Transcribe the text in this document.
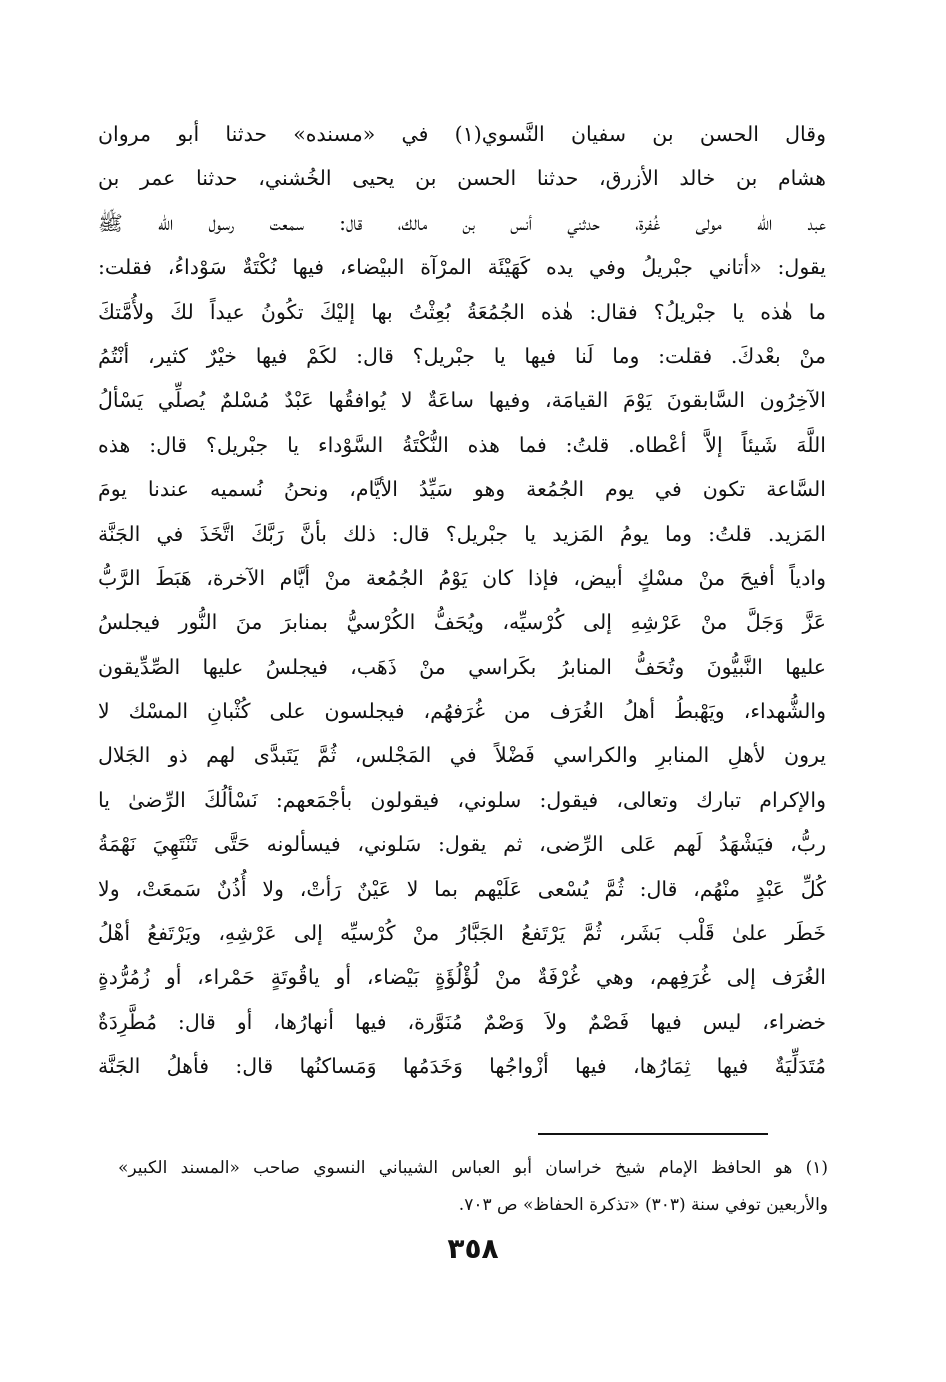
وقال الحسن بن سفيان النَّسوي(١) في «مسنده» حدثنا أبو مروان
هشام بن خالد الأزرق، حدثنا الحسن بن يحيى الخُشني، حدثنا عمر بن
عبد الله مولى غُفرة، حدثني أنس بن مالك، قال: سمعت رسول الله ﷺ
يقول: «أتاني جبْريلُ وفي يده كَهَيْئَة المرْآة البيْضاء، فيها نُكْتَةٌ سَوْداءُ، فقلت:
ما هٰذه يا جبْريلُ؟ فقال: هٰذه الجُمُعَةُ بُعِثْتُ بها إليْكَ تكُونُ عيداً لكَ ولأُمَّتكَ
منْ بعْدكَ. فقلت: وما لَنا فيها يا جبْريل؟ قال: لكَمْ فيها خيْرٌ كثير، أنْتُمُ
الآخِرُون السَّابقونَ يَوْمَ القيامَة، وفيها ساعَةٌ لا يُوافقُها عَبْدٌ مُسْلمٌ يُصلِّي يَسْألُ
اللَّهَ شَيئاً إلاَّ أعْطاه. قلتُ: فما هذه النُّكْتَةُ السَّوْداء يا جبْريل؟ قال: هذه
السَّاعة تكون في يوم الجُمُعة وهو سَيِّدُ الأيَّام، ونحنُ نُسميه عندنا يومَ
المَزيد. قلتُ: وما يومُ المَزيد يا جبْريل؟ قال: ذلك بأنَّ رَبَّكَ اتَّخَذَ في الجَنَّة
وادياً أفيحَ منْ مسْكٍ أبيض، فإذا كان يَوْمُ الجُمُعة منْ أيَّام الآخرة، هَبَطَ الرَّبُّ
عَزَّ وَجَلَّ منْ عَرْشِهِ إلى كُرْسيِّه، ويُحَفُّ الكُرْسيُّ بمنابرَ منَ النُّور فيجلسُ
عليها النَّبيُّونَ وتُحَفُّ المنابرُ بكَراسي منْ ذَهَب، فيجلسُ عليها الصِّدِّيقون
والشُّهداء، ويَهْبطُ أهلُ الغُرَف من غُرَفهُم، فيجلسون على كُثْبانِ المسْك لا
يرون لأهلِ المنابرِ والكراسي فَضْلاً في المَجْلس، ثُمَّ يَتَبدَّى لهم ذو الجَلال
والإكرام تبارك وتعالى، فيقول: سلوني، فيقولون بأجْمَعهم: نَسْألُكَ الرِّضىٰ يا
ربُّ، فيَشْهَدُ لَهم عَلى الرِّضى، ثم يقول: سَلوني، فيسألونه حَتَّى تَنْتَهِيَ نَهْمَةُ
كُلِّ عَبْدٍ منْهُم، قال: ثُمَّ يُسْعى عَلَيْهم بما لا عَيْنٌ رَأتْ، ولا أُذُنٌ سَمعَتْ، ولا
خَطَر علىٰ قَلْب بَشَر، ثُمَّ يَرْتَفعُ الجَبَّارُ منْ كُرْسيِّه إلى عَرْشِهِ، ويَرْتَفعُ أهْلُ
الغُرَف إلى غُرَفِهم، وهي غُرْفَةٌ منْ لُؤْلُؤَةٍ بَيْضاء، أو ياقُوتَةٍ حَمْراء، أو زُمُرُّدةٍ
خضراء، ليس فيها فَصْمٌ ولاَ وَصْمٌ مُنَوَّرة، فيها أنهارُها، أو قال: مُطَّرِدَةٌ
مُتَدَلِّيَةٌ فيها ثِمَارُها، فيها أزْواجُها وَخَدَمُها وَمَساكنُها قال: فأهلُ الجَنَّة
(١) هو الحافظ الإمام شيخ خراسان أبو العباس الشيباني النسوي صاحب «المسند الكبير»
والأربعين توفي سنة (٣٠٣) «تذكرة الحفاظ» ص ٧٠٣.
٣٥٨
